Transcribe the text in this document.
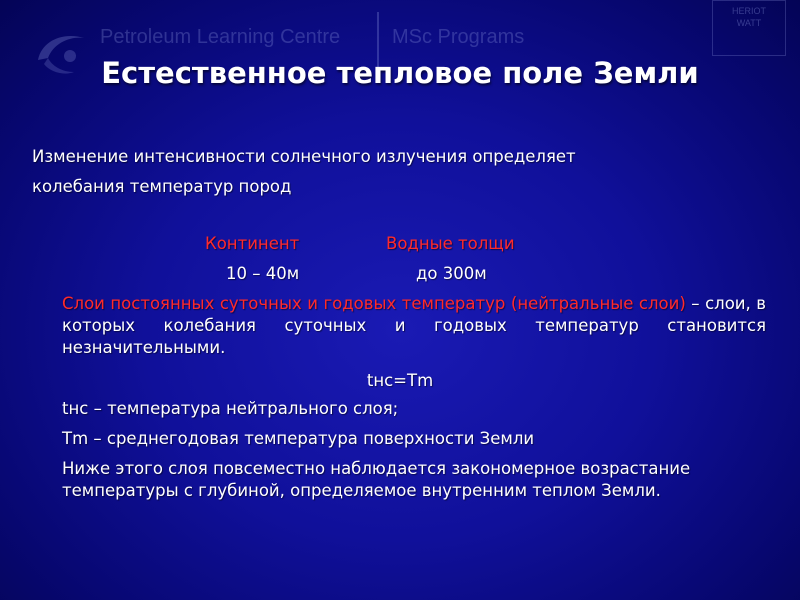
Petroleum Learning Centre	MSc Programs
HERIOT
WATT
Естественное тепловое поле Земли
Изменение интенсивности солнечного излучения определяет
колебания температур пород
Континент	Водные толщи
10 – 40м	до 300м
Слои постоянных суточных и годовых температур (нейтральные слои) – слои, в которых колебания суточных и годовых температур становится незначительными.
tнс=Tm
tнс – температура нейтрального слоя;
Tm – среднегодовая температура поверхности Земли
Ниже этого слоя повсеместно наблюдается закономерное возрастание температуры с глубиной, определяемое внутренним теплом Земли.
